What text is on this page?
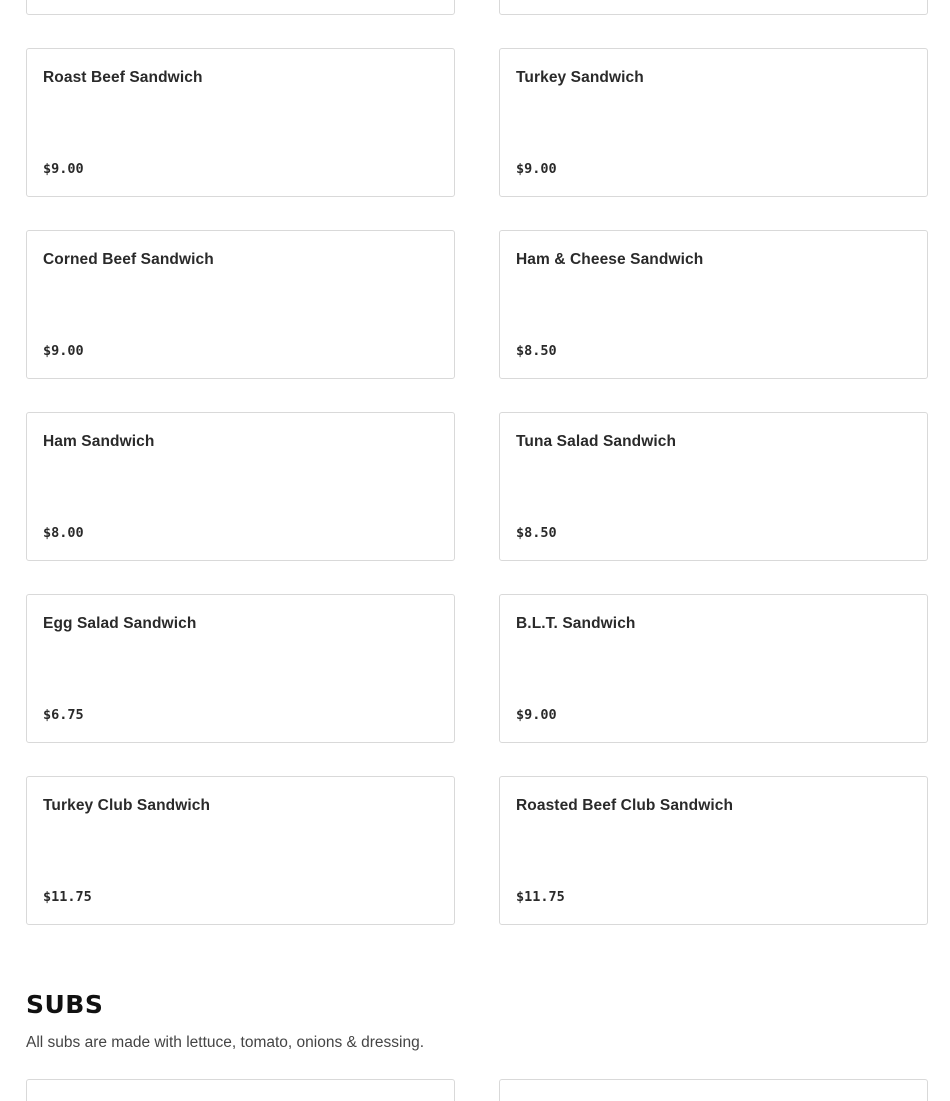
Roast Beef Sandwich
$9.00
Turkey Sandwich
$9.00
Corned Beef Sandwich
$9.00
Ham & Cheese Sandwich
$8.50
Ham Sandwich
$8.00
Tuna Salad Sandwich
$8.50
Egg Salad Sandwich
$6.75
B.L.T. Sandwich
$9.00
Turkey Club Sandwich
$11.75
Roasted Beef Club Sandwich
$11.75
SUBS

All subs are made with lettuce, tomato, onions & dressing.
